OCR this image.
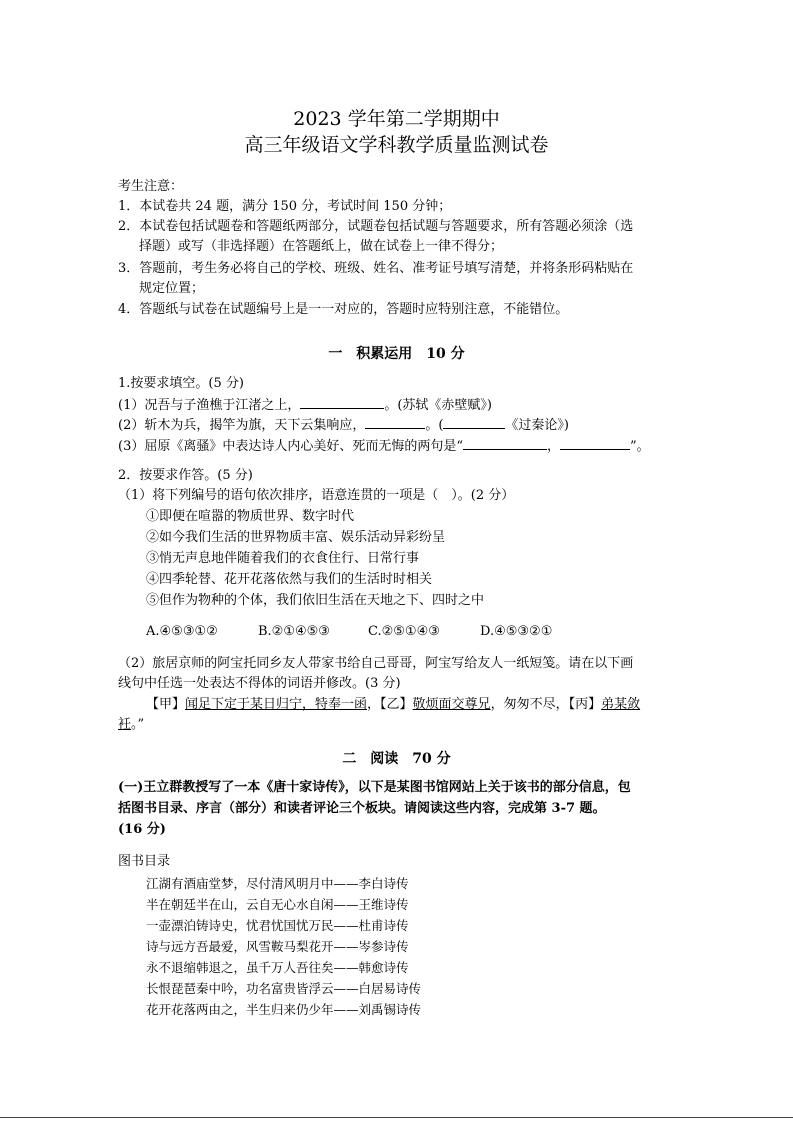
2023 学年第二学期期中
高三年级语文学科教学质量监测试卷
考生注意：
1．本试卷共 24 题，满分 150 分，考试时间 150 分钟；
2．本试卷包括试题卷和答题纸两部分，试题卷包括试题与答题要求，所有答题必须涂（选
择题）或写（非选择题）在答题纸上，做在试卷上一律不得分；
3．答题前，考生务必将自己的学校、班级、姓名、准考证号填写清楚，并将条形码粘贴在
规定位置；
4．答题纸与试卷在试题编号上是一一对应的，答题时应特别注意，不能错位。
一　积累运用　10 分
1.按要求填空。(5 分)
(1）况吾与子渔樵于江渚之上，	。(苏轼《赤壁赋》)
(2）斩木为兵，揭竿为旗，天下云集响应，	。(	《过秦论》)
(3）屈原《离骚》中表达诗人内心美好、死而无悔的两句是“	，	”。
2．按要求作答。(5 分)
（1）将下列编号的语句依次排序，语意连贯的一项是（　）。(2 分）
①即便在喧嚣的物质世界、数字时代
②如今我们生活的世界物质丰富、娱乐活动异彩纷呈
③悄无声息地伴随着我们的衣食住行、日常行事
④四季轮替、花开花落依然与我们的生活时时相关
⑤但作为物种的个体，我们依旧生活在天地之下、四时之中
A.④⑤③①②	B.②①④⑤③	C.②⑤①④③	D.④⑤③②①
（2）旅居京师的阿宝托同乡友人带家书给自己哥哥，阿宝写给友人一纸短笺。请在以下画
线句中任选一处表达不得体的词语并修改。(3 分)
【甲】闻足下定于某日归宁，特奉一函，【乙】敬烦面交尊兄，匆匆不尽，【丙】弟某敛
衽。”
二　阅读　70 分
(一)王立群教授写了一本《唐十家诗传》，以下是某图书馆网站上关于该书的部分信息，包
括图书目录、序言（部分）和读者评论三个板块。请阅读这些内容，完成第 3-7 题。
(16 分)
图书目录
江湖有酒庙堂梦，尽付清风明月中——李白诗传
半在朝廷半在山，云自无心水自闲——王维诗传
一壶漂泊铸诗史，忧君忧国忧万民——杜甫诗传
诗与远方吾最爱，风雪鞍马梨花开——岑参诗传
永不退缩韩退之，虽千万人吾往矣——韩愈诗传
长恨琵琶秦中吟，功名富贵皆浮云——白居易诗传
花开花落两由之，半生归来仍少年——刘禹锡诗传
